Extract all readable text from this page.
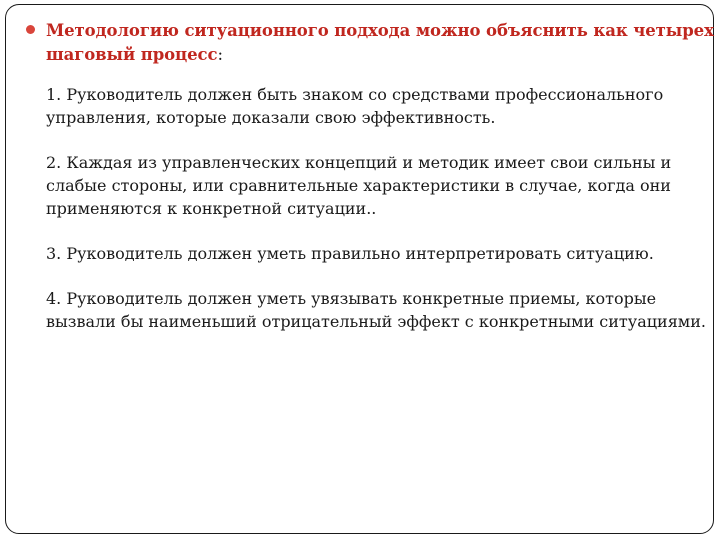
Методологию ситуационного подхода можно объяснить как четырех шаговый процесс:
1. Руководитель должен быть знаком со средствами профессионального управления, которые доказали свою эффективность.
2. Каждая из управленческих концепций и методик имеет свои сильны и слабые стороны, или сравнительные характеристики в случае, когда они применяются к конкретной ситуации..
3. Руководитель должен уметь правильно интерпретировать ситуацию.
4. Руководитель должен уметь увязывать конкретные приемы, которые вызвали бы наименьший отрицательный эффект с конкретными ситуациями.
